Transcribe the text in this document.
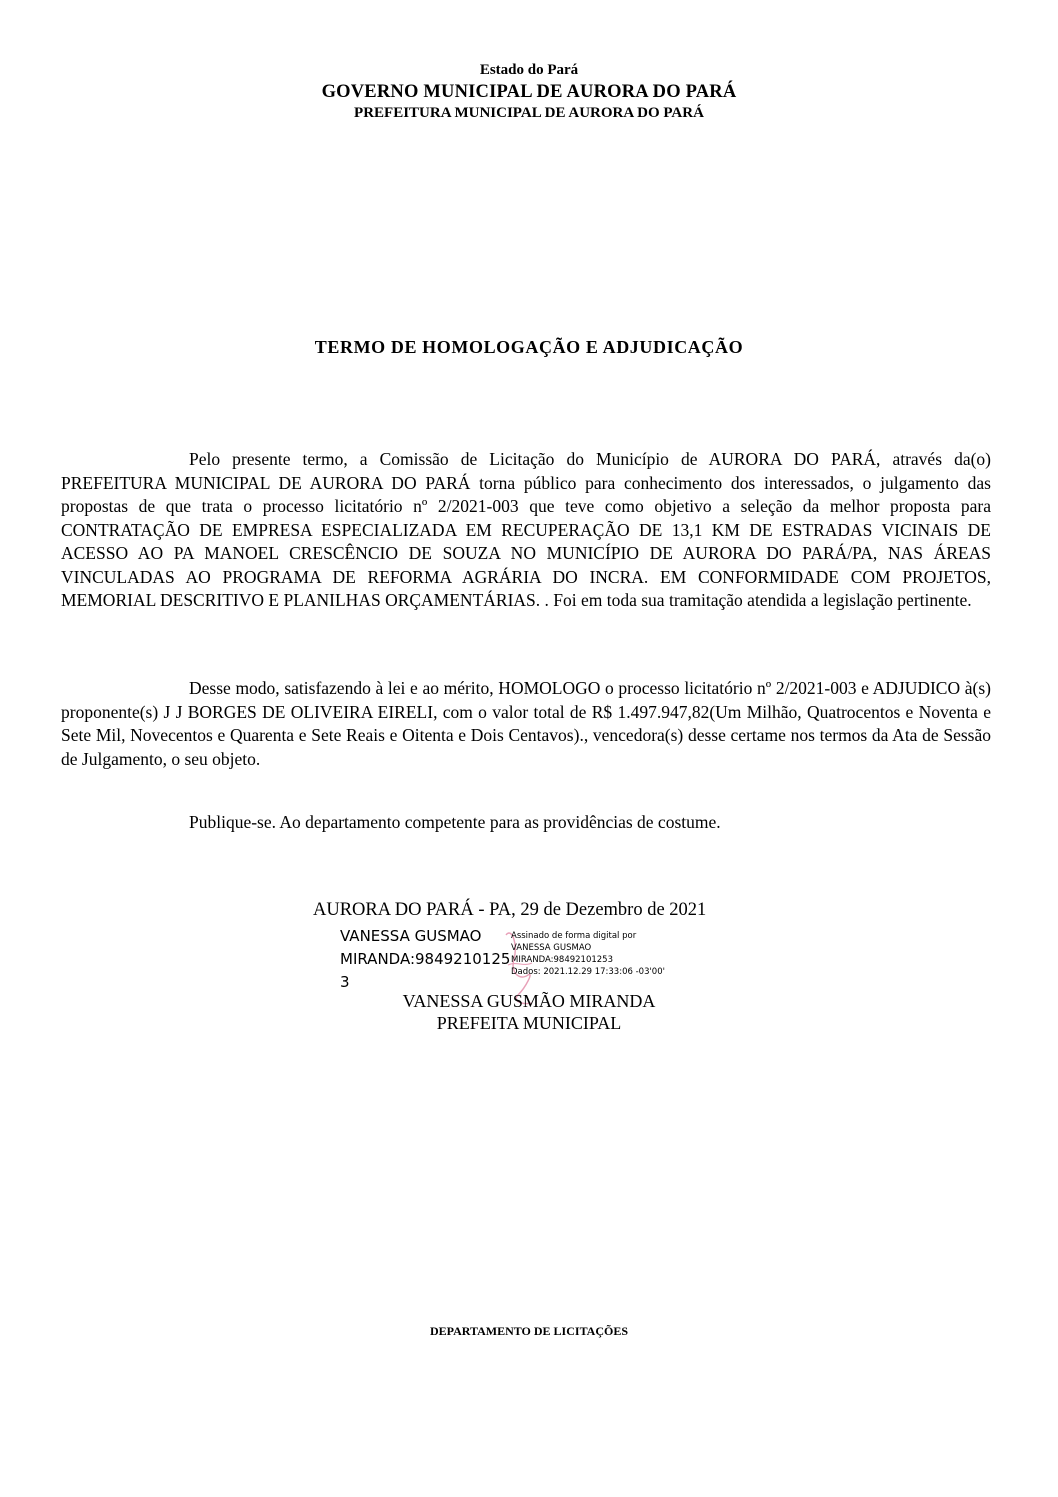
Estado do Pará
GOVERNO MUNICIPAL DE AURORA DO PARÁ
PREFEITURA MUNICIPAL DE AURORA DO PARÁ
TERMO DE HOMOLOGAÇÃO E ADJUDICAÇÃO
Pelo presente termo, a Comissão de Licitação do Município de AURORA DO PARÁ, através da(o) PREFEITURA MUNICIPAL DE AURORA DO PARÁ torna público para conhecimento dos interessados, o julgamento das propostas de que trata o processo licitatório nº 2/2021-003 que teve como objetivo a seleção da melhor proposta para CONTRATAÇÃO DE EMPRESA ESPECIALIZADA EM RECUPERAÇÃO DE 13,1 KM DE ESTRADAS VICINAIS DE ACESSO AO PA MANOEL CRESCÊNCIO DE SOUZA NO MUNICÍPIO DE AURORA DO PARÁ/PA, NAS ÁREAS VINCULADAS AO PROGRAMA DE REFORMA AGRÁRIA DO INCRA. EM CONFORMIDADE COM PROJETOS, MEMORIAL DESCRITIVO E PLANILHAS ORÇAMENTÁRIAS. . Foi em toda sua tramitação atendida a legislação pertinente.
Desse modo, satisfazendo à lei e ao mérito, HOMOLOGO o processo licitatório nº 2/2021-003 e ADJUDICO à(s) proponente(s) J J BORGES DE OLIVEIRA EIRELI, com o valor total de R$ 1.497.947,82(Um Milhão, Quatrocentos e Noventa e Sete Mil, Novecentos e Quarenta e Sete Reais e Oitenta e Dois Centavos)., vencedora(s) desse certame nos termos da Ata de Sessão de Julgamento, o seu objeto.
Publique-se. Ao departamento competente para as providências de costume.
AURORA DO PARÁ - PA, 29 de Dezembro de 2021
VANESSA GUSMAO
MIRANDA:9849210125
3
Assinado de forma digital por
VANESSA GUSMAO
MIRANDA:98492101253
Dados: 2021.12.29 17:33:06 -03'00'
VANESSA GUSMÃO MIRANDA
PREFEITA MUNICIPAL
DEPARTAMENTO DE LICITAÇÕES
